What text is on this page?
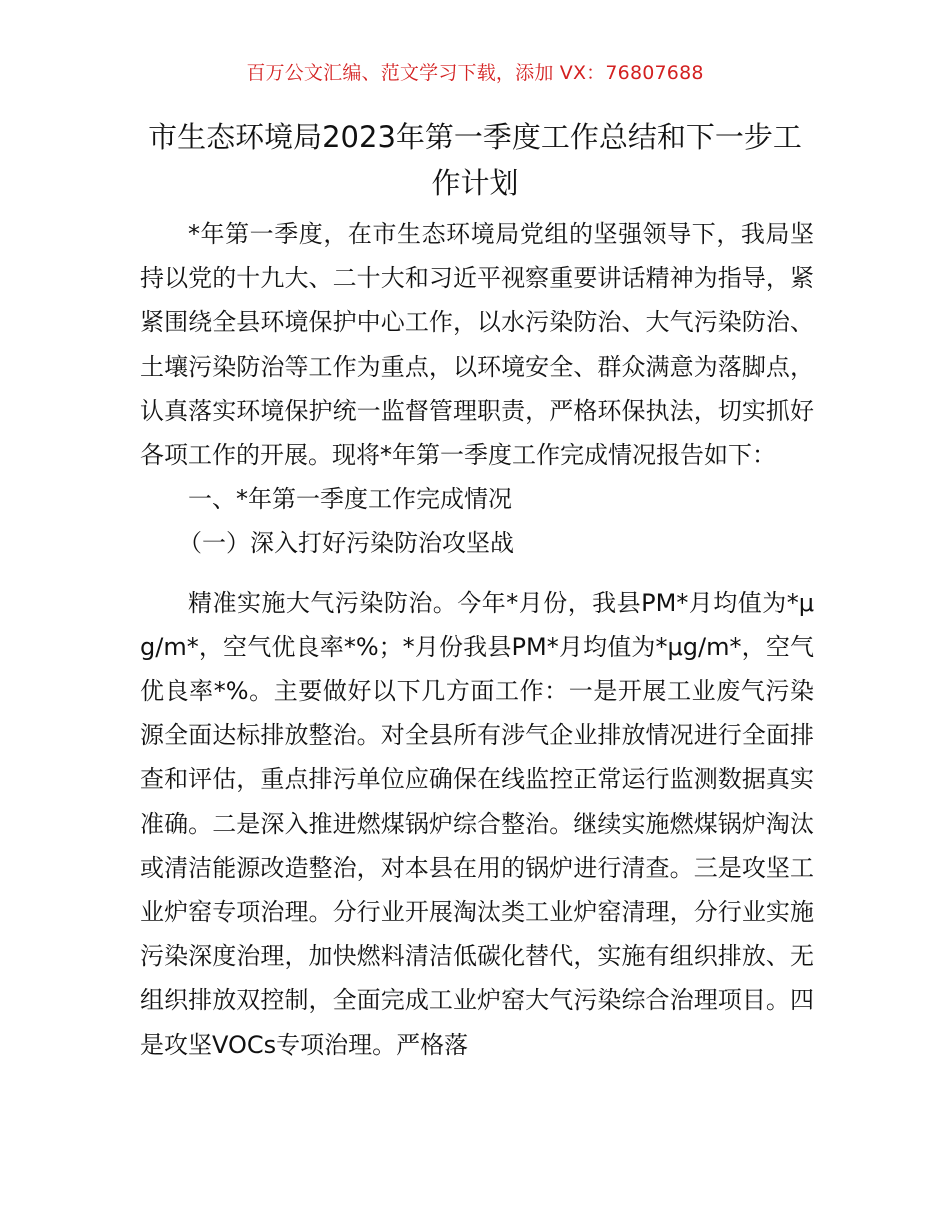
百万公文汇编、范文学习下载，添加 VX：76807688
市生态环境局2023年第一季度工作总结和下一步工作计划

*年第一季度，在市生态环境局党组的坚强领导下，我局坚持以党的十九大、二十大和习近平视察重要讲话精神为指导，紧紧围绕全县环境保护中心工作，以水污染防治、大气污染防治、土壤污染防治等工作为重点，以环境安全、群众满意为落脚点，认真落实环境保护统一监督管理职责，严格环保执法，切实抓好各项工作的开展。现将*年第一季度工作完成情况报告如下：

一、*年第一季度工作完成情况

（一）深入打好污染防治攻坚战

精准实施大气污染防治。今年*月份，我县PM*月均值为*μg/m*，空气优良率*%；*月份我县PM*月均值为*μg/m*，空气优良率*%。主要做好以下几方面工作：一是开展工业废气污染源全面达标排放整治。对全县所有涉气企业排放情况进行全面排查和评估，重点排污单位应确保在线监控正常运行监测数据真实准确。二是深入推进燃煤锅炉综合整治。继续实施燃煤锅炉淘汰或清洁能源改造整治，对本县在用的锅炉进行清查。三是攻坚工业炉窑专项治理。分行业开展淘汰类工业炉窑清理，分行业实施污染深度治理，加快燃料清洁低碳化替代，实施有组织排放、无组织排放双控制，全面完成工业炉窑大气污染综合治理项目。四是攻坚VOCs专项治理。严格落
